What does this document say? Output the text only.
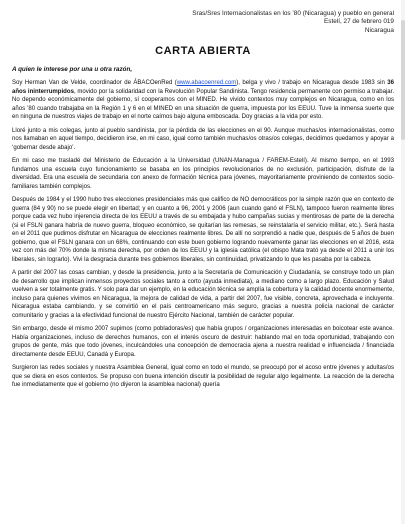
Sras/Sres Internacionalistas en los ’80 (Nicaragua) y pueblo en general
Estelí, 27 de febrero 019
Nicaragua
CARTA ABIERTA

A quien le interese por una u otra razón,

Soy Herman Van de Velde, coordinador de ÁBACOenRed (www.abacoenred.com), belga y vivo / trabajo en Nicaragua desde 1983 sin 36 años ininterrumpidos, movido por la solidaridad con la Revolución Popular Sandinista. Tengo residencia permanente con permiso a trabajar. No dependo económicamente del gobierno, sí cooperamos con el MINED. He vivido contextos muy complejos en Nicaragua, como en los años ’80 cuando trabajaba en la Región 1 y 6 en el MINED en una situación de guerra, impuesta por los EEUU. Tuve la inmensa suerte que en ninguna de nuestros viajes de trabajo en el norte caímos bajo alguna emboscada. Doy gracias a la vida por esto.

Lloré junto a mis colegas, junto al pueblo sandinista, por la pérdida de las elecciones en el 90. Aunque muchas/os internacionalistas, como nos llamaban en aquel tiempo, decidieron irse, en mi caso, igual como también muchas/os otras/os colegas, decidimos quedarnos y apoyar a ‘gobernar desde abajo’.

En mi caso me trasladé del Ministerio de Educación a la Universidad (UNAN-Managua / FAREM-Estelí). Al mismo tiempo, en el 1993 fundamos una escuela cuyo funcionamiento se basaba en los principios revolucionarios de no exclusión, participación, disfrute de la diversidad. Era una escuela de secundaria con anexo de formación técnica para jóvenes, mayoritariamente proviniendo de contextos socio-familiares también complejos.

Después de 1984 y el 1990 hubo tres elecciones presidenciales más que califico de NO democráticos por la simple razón que en contexto de guerra (84 y 90) no se puede elegir en libertad; y en cuanto a 96, 2001 y 2006 (aun cuando ganó el FSLN), tampoco fueron realmente libres porque cada vez hubo injerencia directa de los EEUU a través de su embajada y hubo campañas sucias y mentirosas de parte de la derecha (si el FSLN ganara habría de nuevo guerra, bloqueo económico, se quitarían las remesas, se reinstalaría el servicio militar, etc.). Será hasta en el 2011 que pudimos disfrutar en Nicaragua de elecciones realmente libres. De allí no sorprendió a nadie que, después de 5 años de buen gobierno, que el FSLN ganara con un 68%, continuando con este buen gobierno logrando nuevamente ganar las elecciones en el 2016, esta vez con más del 70% donde la misma derecha, por orden de los EEUU y la iglesia católica (el obispo Mata trató ya desde el 2011 a unir los liberales, sin lograrlo). Vivi la desgracia durante tres gobiernos liberales, sin continuidad, privatizando lo que les pasaba por la cabeza.

A partir del 2007 las cosas cambian, y desde la presidencia, junto a la Secretaría de Comunicación y Ciudadanía, se construye todo un plan de desarrollo que implican inmensos proyectos sociales tanto a corto (ayuda inmediata), a mediano como a largo plazo. Educación y Salud vuelven a ser totalmente gratis. Y solo para dar un ejemplo, en la educación técnica se amplía la cobertura y la calidad docente enormemente, incluso para quienes vivimos en Nicaragua, la mejora de calidad de vida, a partir del 2007, fue visible, concreta, aprovechada e incluyente. Nicaragua estaba cambiando. y se convirtió en el país centroamericano más seguro, gracias a nuestra policía nacional de carácter comunitario y gracias a la efectividad funcional de nuestro Ejército Nacional, también de carácter popular.

Sin embargo, desde el mismo 2007 supimos (como pobladoras/es) que había grupos / organizaciones interesadas en boicotear este avance. Había organizaciones, incluso de derechos humanos, con el interés oscuro de destruir: hablando mal en toda oportunidad, trabajando con grupos de gente, más que todo jóvenes, inculcándoles una concepción de democracia ajena a nuestra realidad e influenciada / financiada directamente desde EEUU, Canadá y Europa.

Surgieron las redes sociales y nuestra Asamblea General, igual como en todo el mundo, se preocupó por el acoso entre jóvenes y adultas/os que se diera en esos contextos. Se propuso con buena intención discutir la posibilidad de regular algo legalmente. La reacción de la derecha fue inmediatamente que el gobierno (no diýeron la asamblea nacional) quería
